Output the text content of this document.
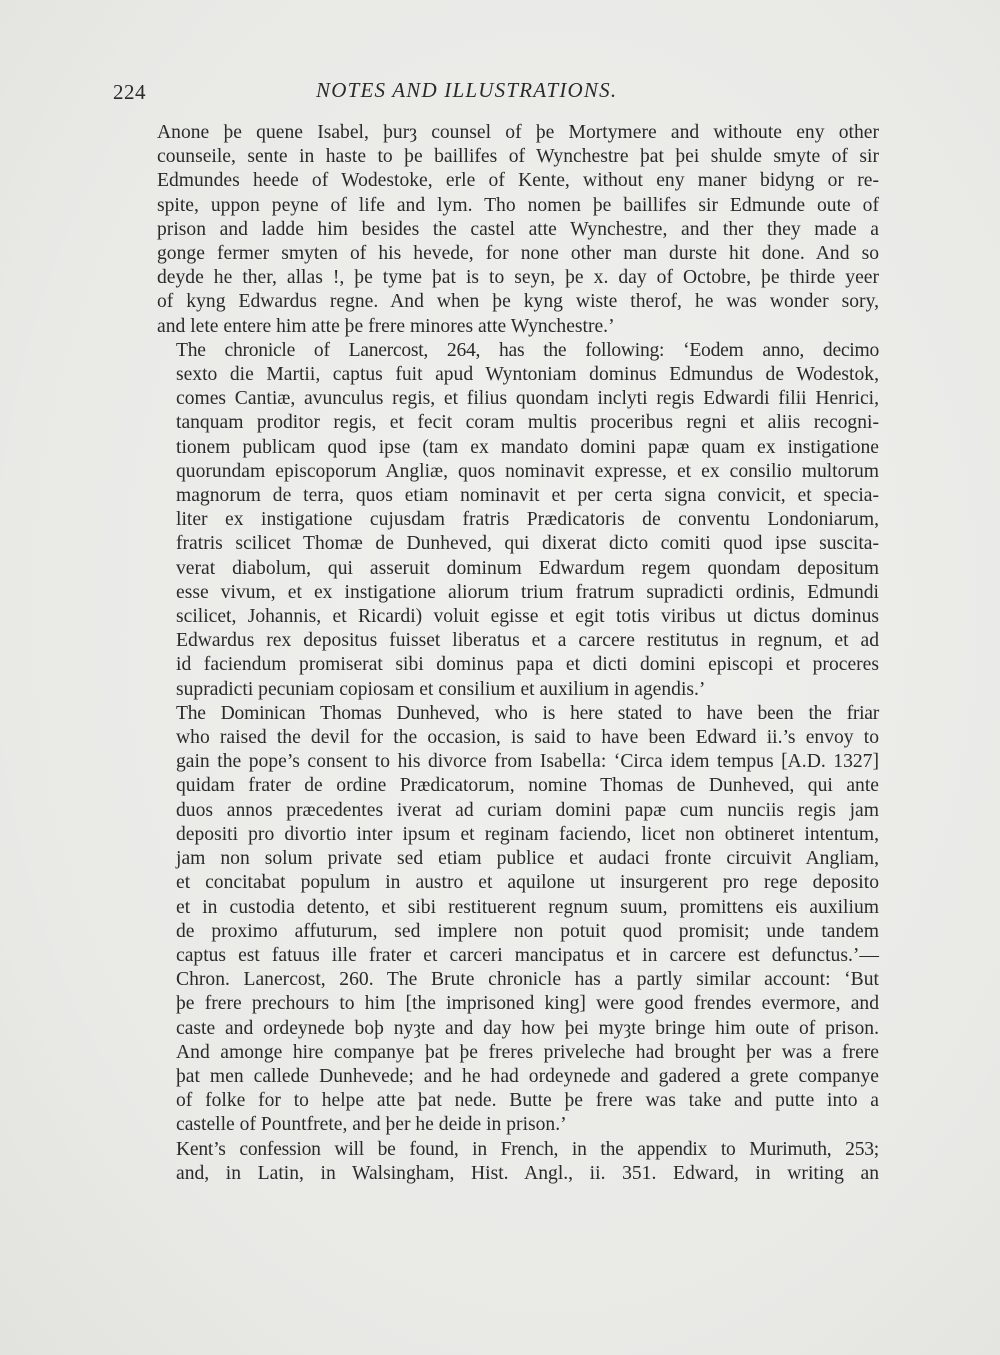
224	NOTES AND ILLUSTRATIONS.

Anone þe quene Isabel, þurȝ counsel of þe Mortymere and withoute eny other
counseile, sente in haste to þe baillifes of Wynchestre þat þei shulde smyte of sir
Edmundes heede of Wodestoke, erle of Kente, without eny maner bidyng or re-
spite, uppon peyne of life and lym. Tho nomen þe baillifes sir Edmunde oute of
prison and ladde him besides the castel atte Wynchestre, and ther they made a
gonge fermer smyten of his hevede, for none other man durste hit done. And so
deyde he ther, allas !, þe tyme þat is to seyn, þe x. day of Octobre, þe thirde yeer
of kyng Edwardus regne. And when þe kyng wiste therof, he was wonder sory,
and lete entere him atte þe frere minores atte Wynchestre.’

The chronicle of Lanercost, 264, has the following: ‘Eodem anno, decimo
sexto die Martii, captus fuit apud Wyntoniam dominus Edmundus de Wodestok,
comes Cantiæ, avunculus regis, et filius quondam inclyti regis Edwardi filii Henrici,
tanquam proditor regis, et fecit coram multis proceribus regni et aliis recogni-
tionem publicam quod ipse (tam ex mandato domini papæ quam ex instigatione
quorundam episcoporum Angliæ, quos nominavit expresse, et ex consilio multorum
magnorum de terra, quos etiam nominavit et per certa signa convicit, et specia-
liter ex instigatione cujusdam fratris Prædicatoris de conventu Londoniarum,
fratris scilicet Thomæ de Dunheved, qui dixerat dicto comiti quod ipse suscita-
verat diabolum, qui asseruit dominum Edwardum regem quondam depositum
esse vivum, et ex instigatione aliorum trium fratrum supradicti ordinis, Edmundi
scilicet, Johannis, et Ricardi) voluit egisse et egit totis viribus ut dictus dominus
Edwardus rex depositus fuisset liberatus et a carcere restitutus in regnum, et ad
id faciendum promiserat sibi dominus papa et dicti domini episcopi et proceres
supradicti pecuniam copiosam et consilium et auxilium in agendis.’

The Dominican Thomas Dunheved, who is here stated to have been the friar
who raised the devil for the occasion, is said to have been Edward ii.’s envoy to
gain the pope’s consent to his divorce from Isabella: ‘Circa idem tempus [A.D. 1327]
quidam frater de ordine Prædicatorum, nomine Thomas de Dunheved, qui ante
duos annos præcedentes iverat ad curiam domini papæ cum nunciis regis jam
depositi pro divortio inter ipsum et reginam faciendo, licet non obtineret intentum,
jam non solum private sed etiam publice et audaci fronte circuivit Angliam,
et concitabat populum in austro et aquilone ut insurgerent pro rege deposito
et in custodia detento, et sibi restituerent regnum suum, promittens eis auxilium
de proximo affuturum, sed implere non potuit quod promisit; unde tandem
captus est fatuus ille frater et carceri mancipatus et in carcere est defunctus.’—
Chron. Lanercost, 260. The Brute chronicle has a partly similar account: ‘But
þe frere prechours to him [the imprisoned king] were good frendes evermore, and
caste and ordeynede boþ nyȝte and day how þei myȝte bringe him oute of prison.
And amonge hire companye þat þe freres priveleche had brought þer was a frere
þat men callede Dunhevede; and he had ordeynede and gadered a grete companye
of folke for to helpe atte þat nede. Butte þe frere was take and putte into a
castelle of Pountfrete, and þer he deide in prison.’

Kent’s confession will be found, in French, in the appendix to Murimuth, 253;
and, in Latin, in Walsingham, Hist. Angl., ii. 351. Edward, in writing an
